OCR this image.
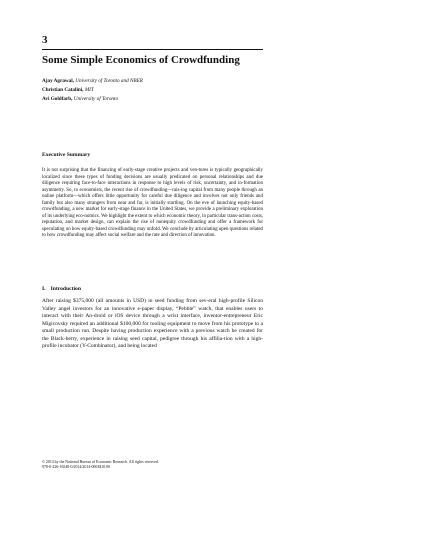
3

Some Simple Economics of Crowdfunding

Ajay Agrawal, University of Toronto and NBER
Christian Catalini, MIT
Avi Goldfarb, University of Toronto

Executive Summary

It is not surprising that the financing of early-stage creative projects and ven-tures is typically geographically localized since these types of funding decisions are usually predicated on personal relationships and due diligence requiring face-to-face interactions in response to high levels of risk, uncertainty, and in-formation asymmetry. So, to economists, the recent rise of crowdfunding—rais-ing capital from many people through an online platform—which offers little opportunity for careful due diligence and involves not only friends and family but also many strangers from near and far, is initially startling. On the eve of launching equity-based crowdfunding, a new market for early-stage finance in the United States, we provide a preliminary exploration of its underlying eco-nomics. We highlight the extent to which economic theory, in particular trans-action costs, reputation, and market design, can explain the rise of nonequity crowdfunding and offer a framework for speculating on how equity-based crowdfunding may unfold. We conclude by articulating open questions related to how crowdfunding may affect social welfare and the rate and direction of innovation.

I. Introduction

After raising $375,000 (all amounts in USD) in seed funding from sev-eral high-profile Silicon Valley angel investors for an innovative e-paper display, “Pebble” watch, that enables users to interact with their An-droid or iOS device through a wrist interface, inventor-entrepreneur Eric Migicovsky required an additional $100,000 for tooling equipment to move from his prototype to a small production run. Despite having production experience with a previous watch be created for the Black-berry, experience in raising seed capital, pedigree through his affilia-tion with a high-profile incubator (Y-Combinator), and being located

© 2014 by the National Bureau of Economic Research. All rights reserved.
978-0-226-16540-0/2014/2014-0003$10.00
